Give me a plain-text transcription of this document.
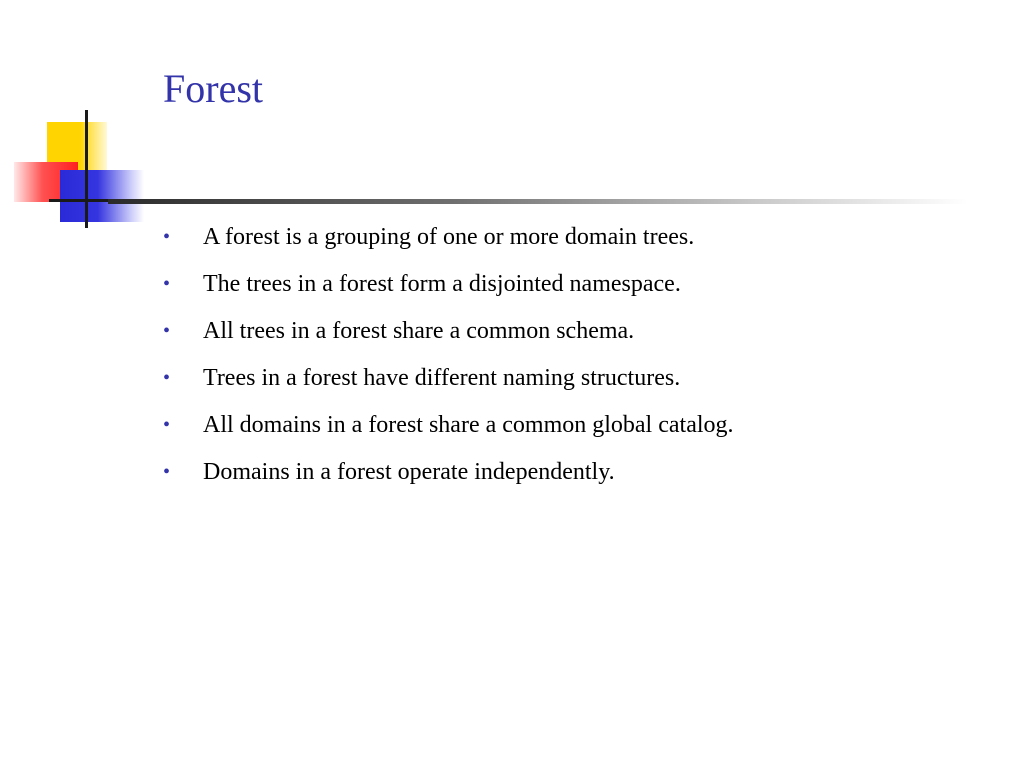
Forest
•	A forest is a grouping of one or more domain trees.
•	The trees in a forest form a disjointed namespace.
•	All trees in a forest share a common schema.
•	Trees in a forest have different naming structures.
•	All domains in a forest share a common global catalog.
•	Domains in a forest operate independently.
